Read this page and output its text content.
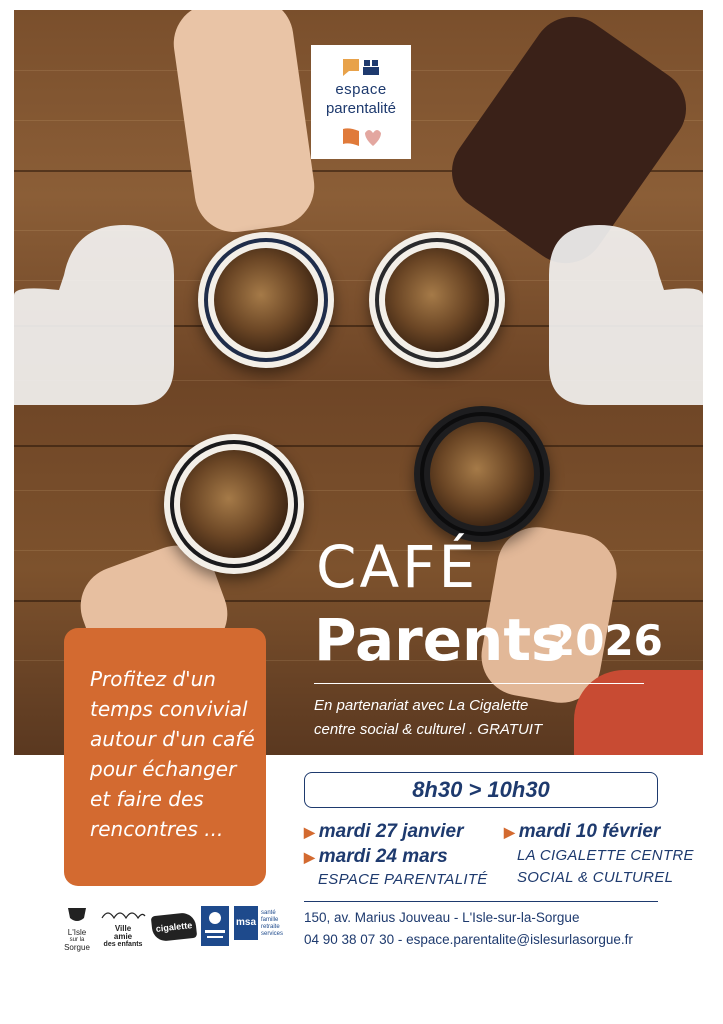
espace
parentalité
CAFÉ
Parents
2026
En partenariat avec La Cigalette
centre social & culturel . GRATUIT

Profitez d'un temps convivial autour d'un café pour échanger et faire des rencontres ...

8h30 > 10h30
▶ mardi 27 janvier
▶ mardi 24 mars
ESPACE PARENTALITÉ
▶ mardi 10 février
LA CIGALETTE CENTRE
SOCIAL & CULTUREL
150, av. Marius Jouveau - L'Isle-sur-la-Sorgue
04 90 38 07 30 - espace.parentalite@islesurlasorgue.fr
L'Isle
sur la
Sorgue
Ville
amie
des enfants
cigalette	msa
santé
famille
retraite
services
